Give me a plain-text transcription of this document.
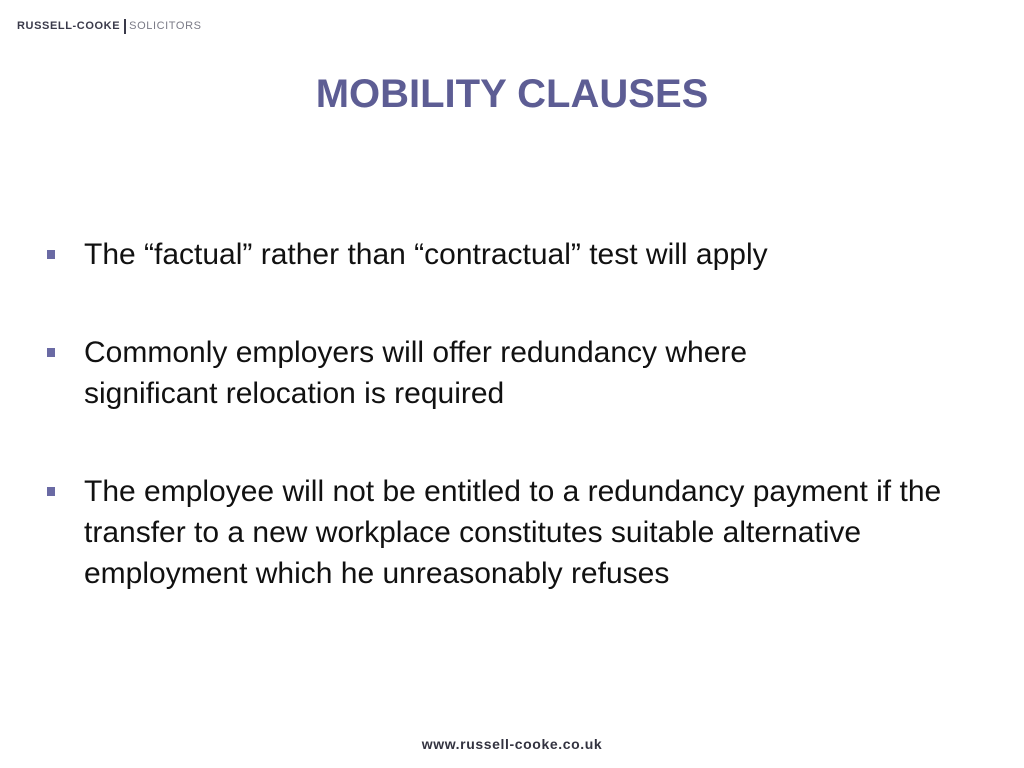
RUSSELL-COOKE SOLICITORS
MOBILITY CLAUSES
The “factual” rather than “contractual” test will apply
Commonly employers will offer redundancy where significant relocation is required
The employee will not be entitled to a redundancy payment if the transfer to a new workplace constitutes suitable alternative employment which he unreasonably refuses
www.russell-cooke.co.uk
